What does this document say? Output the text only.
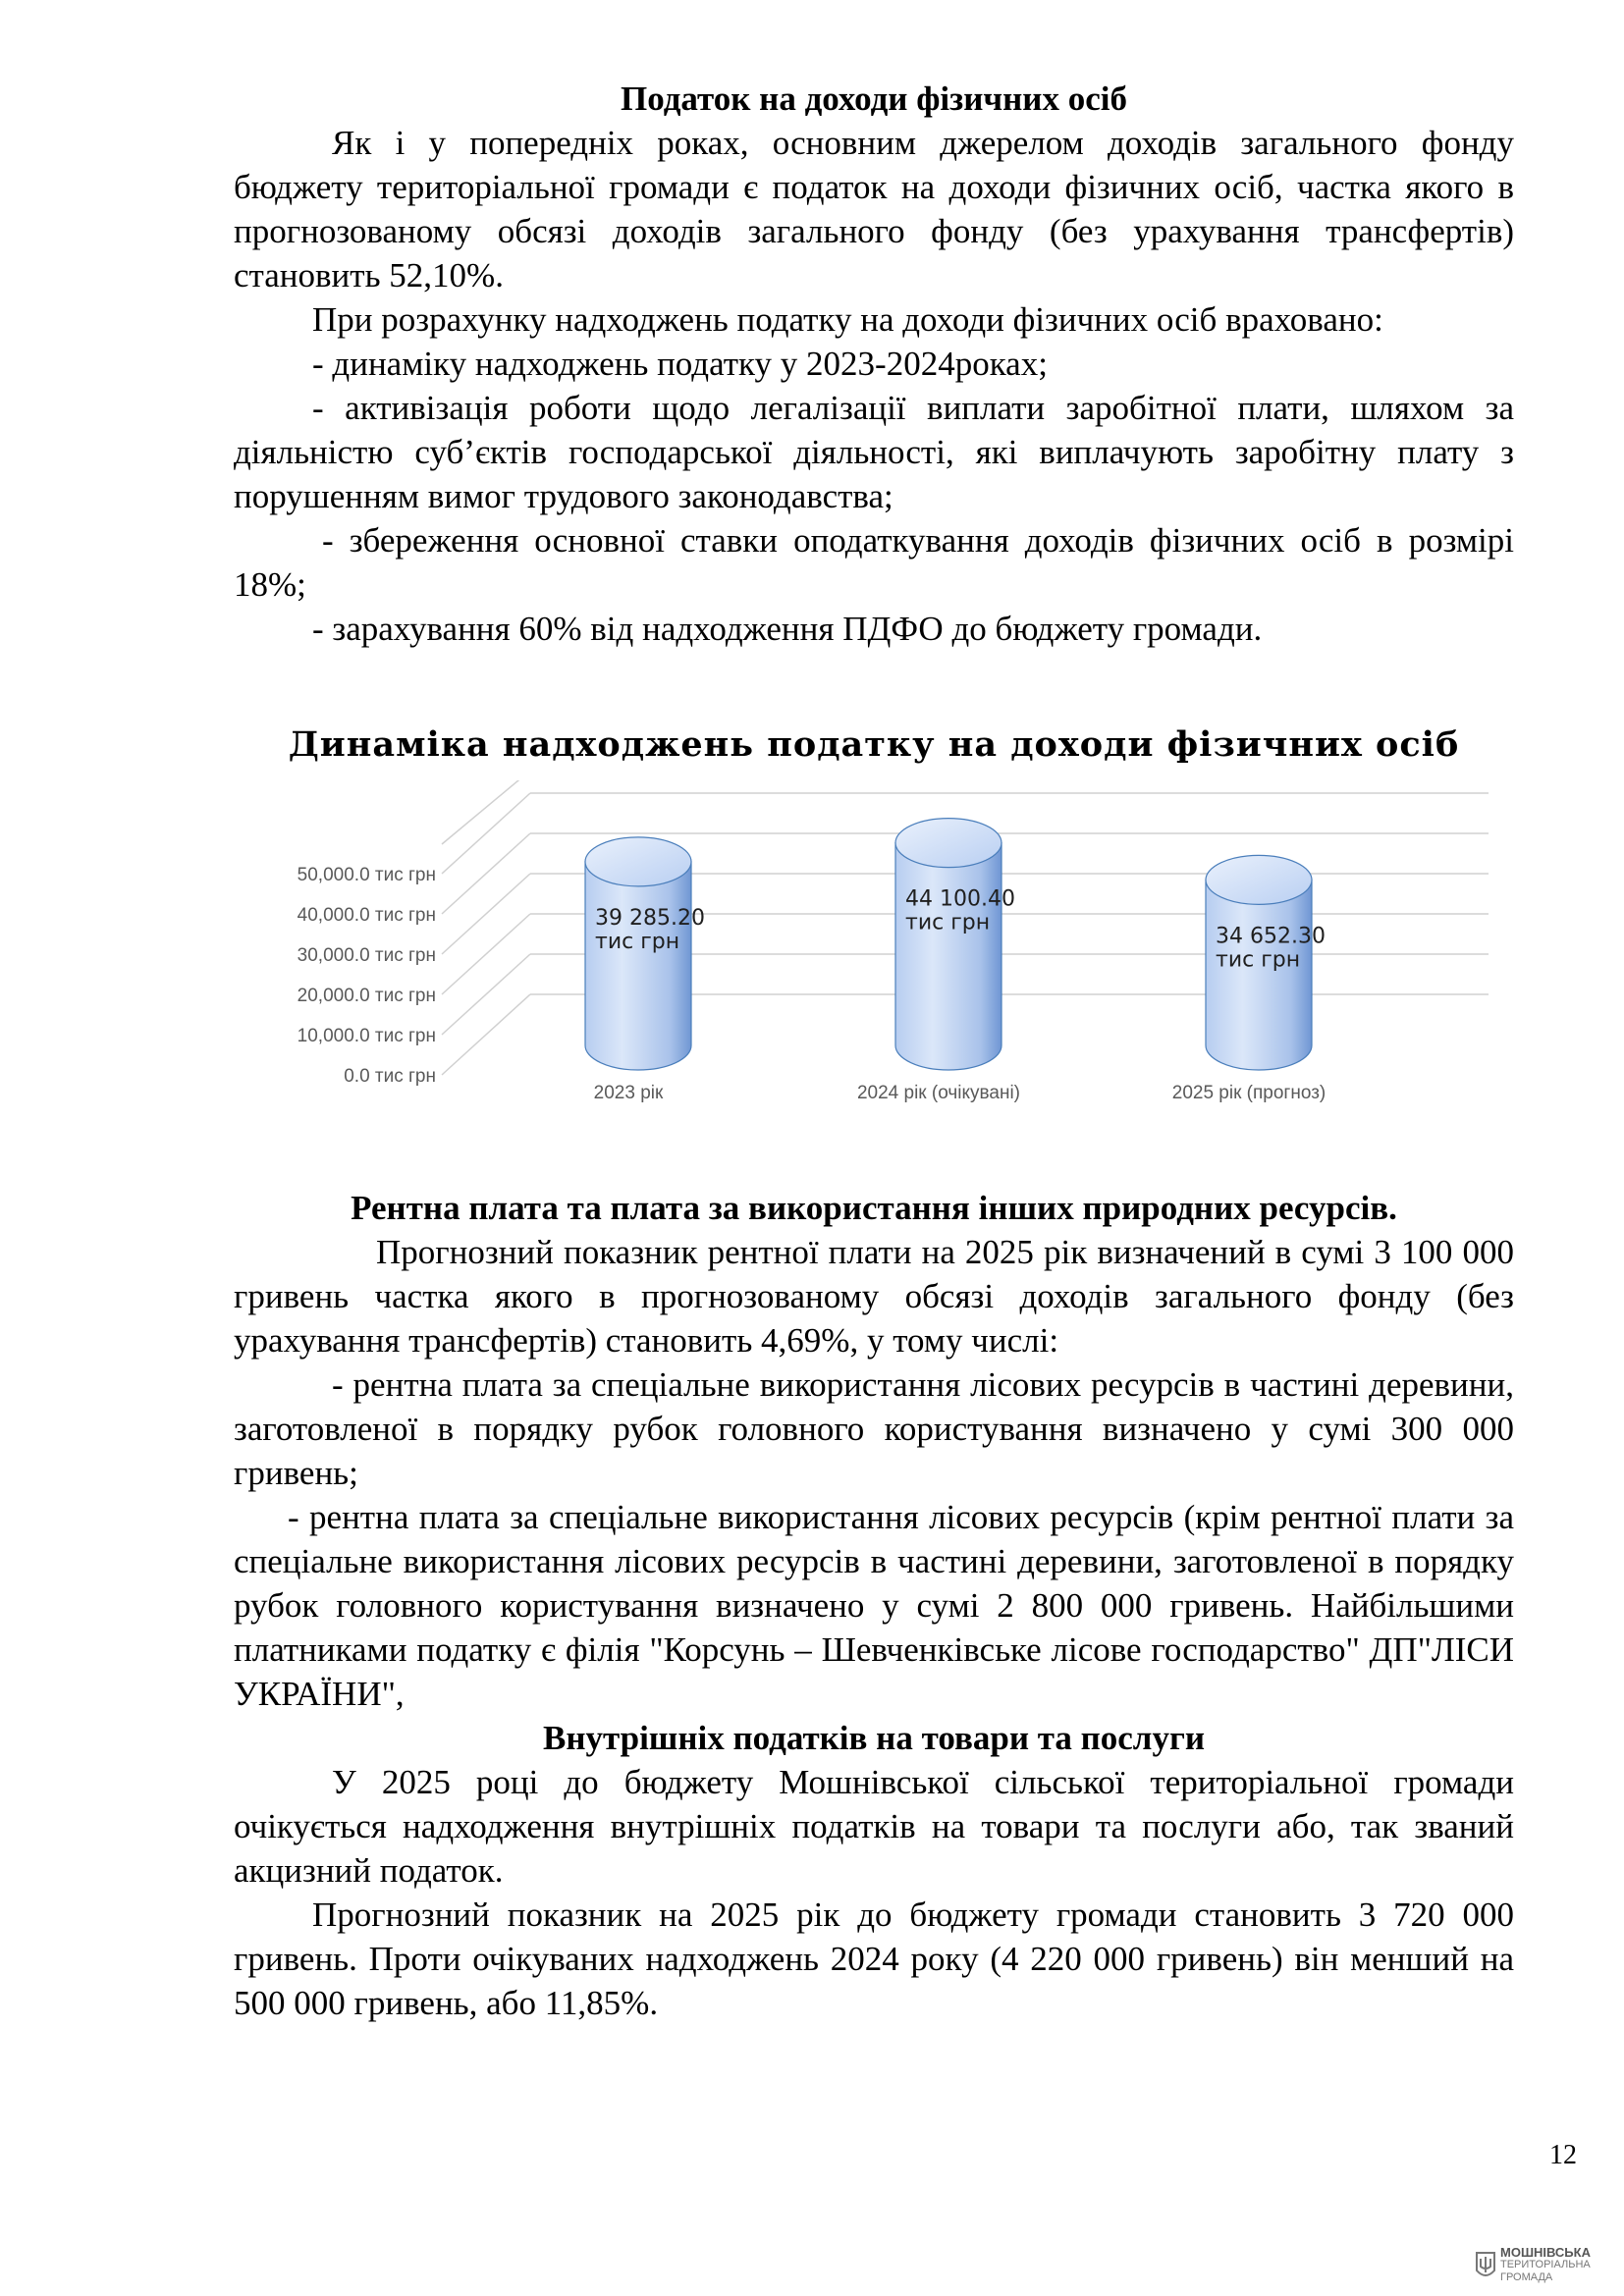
Податок на доходи фізичних осіб

Як і у попередніх роках, основним джерелом доходів загального фонду бюджету територіальної громади є податок на доходи фізичних осіб, частка якого в прогнозованому обсязі доходів загального фонду (без урахування трансфертів) становить 52,10%.

При розрахунку надходжень податку на доходи фізичних осіб враховано:

- динаміку надходжень податку у 2023-2024роках;

- активізація роботи щодо легалізації виплати заробітної плати, шляхом за діяльністю суб’єктів господарської діяльності, які виплачують заробітну плату з порушенням вимог трудового законодавства;

- збереження основної ставки оподаткування доходів фізичних осіб в розмірі 18%;

- зарахування 60% від надходження ПДФО до бюджету громади.

Динаміка надходжень податку на доходи фізичних осіб
0.0 тис грн
10,000.0 тис грн
20,000.0 тис грн
30,000.0 тис грн
40,000.0 тис грн
50,000.0 тис грн
39 285.20
тис грн
2023 рік
44 100.40
тис грн
2024 рік (очікувані)
34 652.30
тис грн
2025 рік (прогноз)

Рентна плата та плата за використання інших природних ресурсів.

Прогнозний показник рентної плати на 2025 рік визначений в сумі 3 100 000 гривень частка якого в прогнозованому обсязі доходів загального фонду (без урахування трансфертів) становить 4,69%, у тому числі:

- рентна плата за спеціальне використання лісових ресурсів в частині деревини, заготовленої в порядку рубок головного користування визначено у сумі 300 000 гривень;

- рентна плата за спеціальне використання лісових ресурсів (крім рентної плати за спеціальне використання лісових ресурсів в частині деревини, заготовленої в порядку рубок головного користування визначено у сумі 2 800 000 гривень. Найбільшими платниками податку є філія "Корсунь – Шевченківське лісове господарство" ДП"ЛІСИ УКРАЇНИ",

Внутрішніх податків на товари та послуги

У 2025 році до бюджету Мошнівської сільської територіальної громади очікується надходження внутрішніх податків на товари та послуги або, так званий акцизний податок.

Прогнозний показник на 2025 рік до бюджету громади становить 3 720 000 гривень. Проти очікуваних надходжень 2024 року (4 220 000 гривень) він менший на 500 000 гривень, або 11,85%.

12
МОШНІВСЬКА
ТЕРИТОРІАЛЬНА
ГРОМАДА
